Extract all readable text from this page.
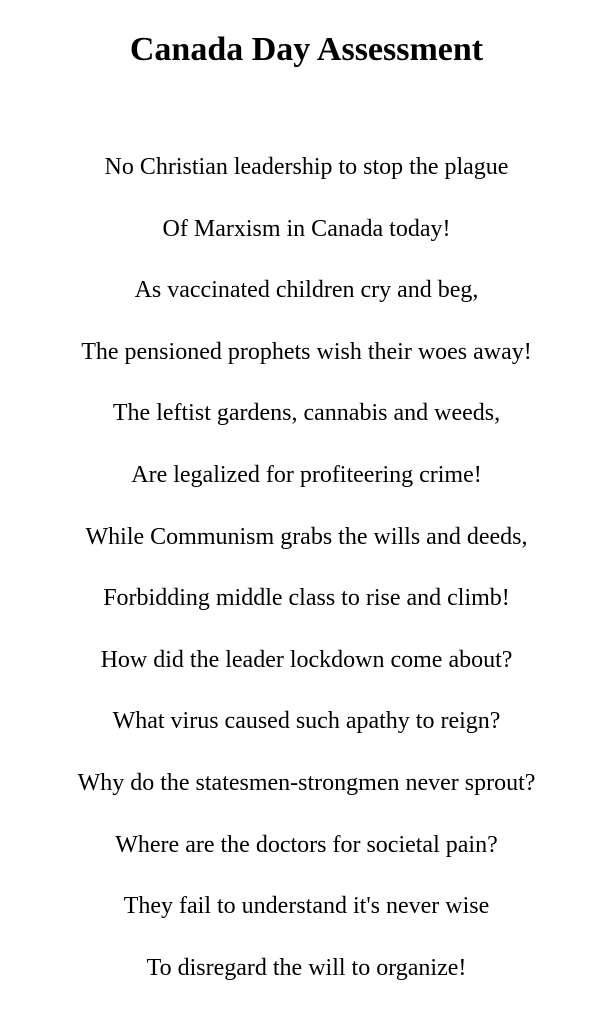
Canada Day Assessment
No Christian leadership to stop the plague
Of Marxism in Canada today!
As vaccinated children cry and beg,
The pensioned prophets wish their woes away!
The leftist gardens, cannabis and weeds,
Are legalized for profiteering crime!
While Communism grabs the wills and deeds,
Forbidding middle class to rise and climb!
How did the leader lockdown come about?
What virus caused such apathy to reign?
Why do the statesmen-strongmen never sprout?
Where are the doctors for societal pain?
They fail to understand it's never wise
To disregard the will to organize!
